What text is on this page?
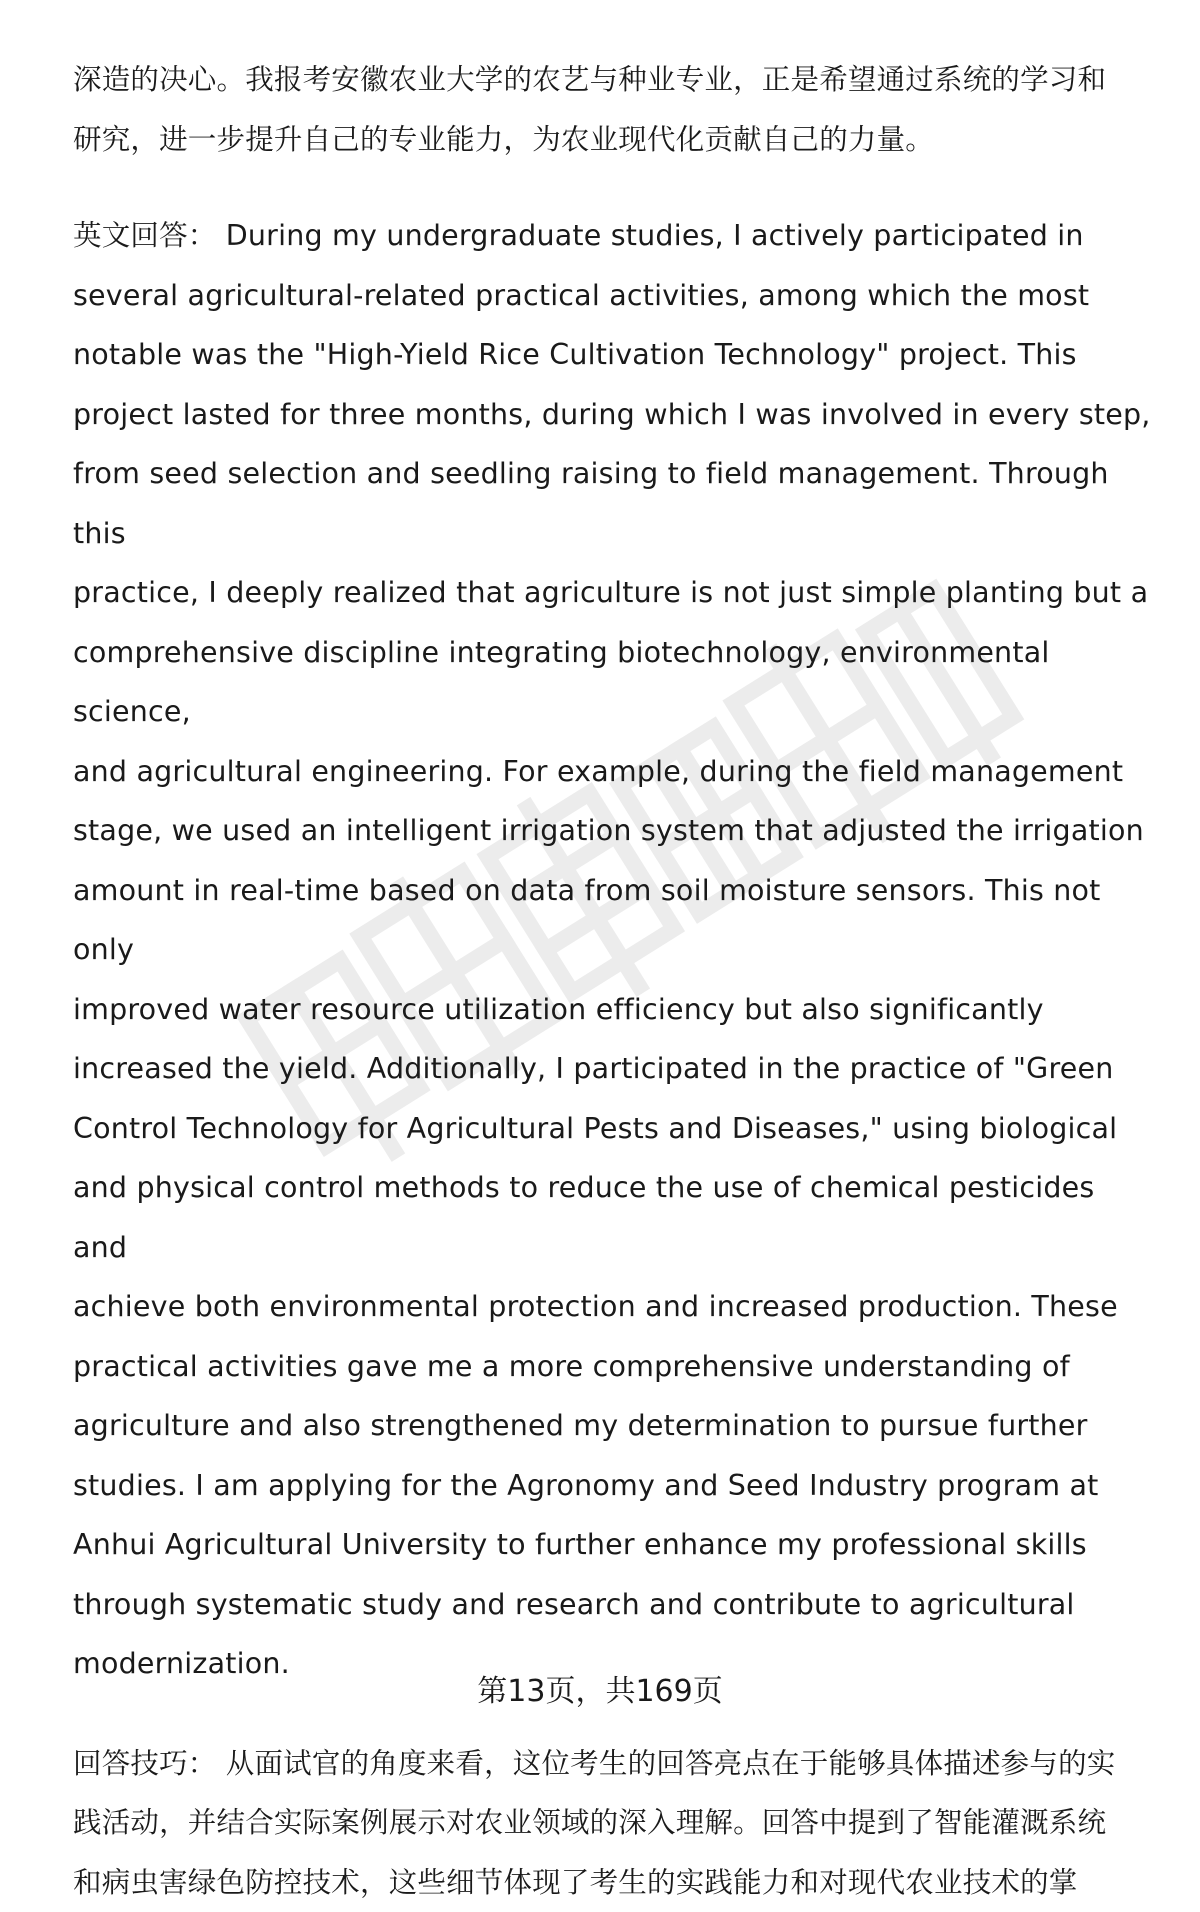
深造的决心。我报考安徽农业大学的农艺与种业专业，正是希望通过系统的学习和
研究，进一步提升自己的专业能力，为农业现代化贡献自己的力量。

英文回答： During my undergraduate studies, I actively participated in
several agricultural-related practical activities, among which the most
notable was the "High-Yield Rice Cultivation Technology" project. This
project lasted for three months, during which I was involved in every step,
from seed selection and seedling raising to field management. Through this
practice, I deeply realized that agriculture is not just simple planting but a
comprehensive discipline integrating biotechnology, environmental science,
and agricultural engineering. For example, during the field management
stage, we used an intelligent irrigation system that adjusted the irrigation
amount in real-time based on data from soil moisture sensors. This not only
improved water resource utilization efficiency but also significantly
increased the yield. Additionally, I participated in the practice of "Green
Control Technology for Agricultural Pests and Diseases," using biological
and physical control methods to reduce the use of chemical pesticides and
achieve both environmental protection and increased production. These
practical activities gave me a more comprehensive understanding of
agriculture and also strengthened my determination to pursue further
studies. I am applying for the Agronomy and Seed Industry program at
Anhui Agricultural University to further enhance my professional skills
through systematic study and research and contribute to agricultural
modernization.

回答技巧： 从面试官的角度来看，这位考生的回答亮点在于能够具体描述参与的实
践活动，并结合实际案例展示对农业领域的深入理解。回答中提到了智能灌溉系统
和病虫害绿色防控技术，这些细节体现了考生的实践能力和对现代农业技术的掌

第13页，共169页
